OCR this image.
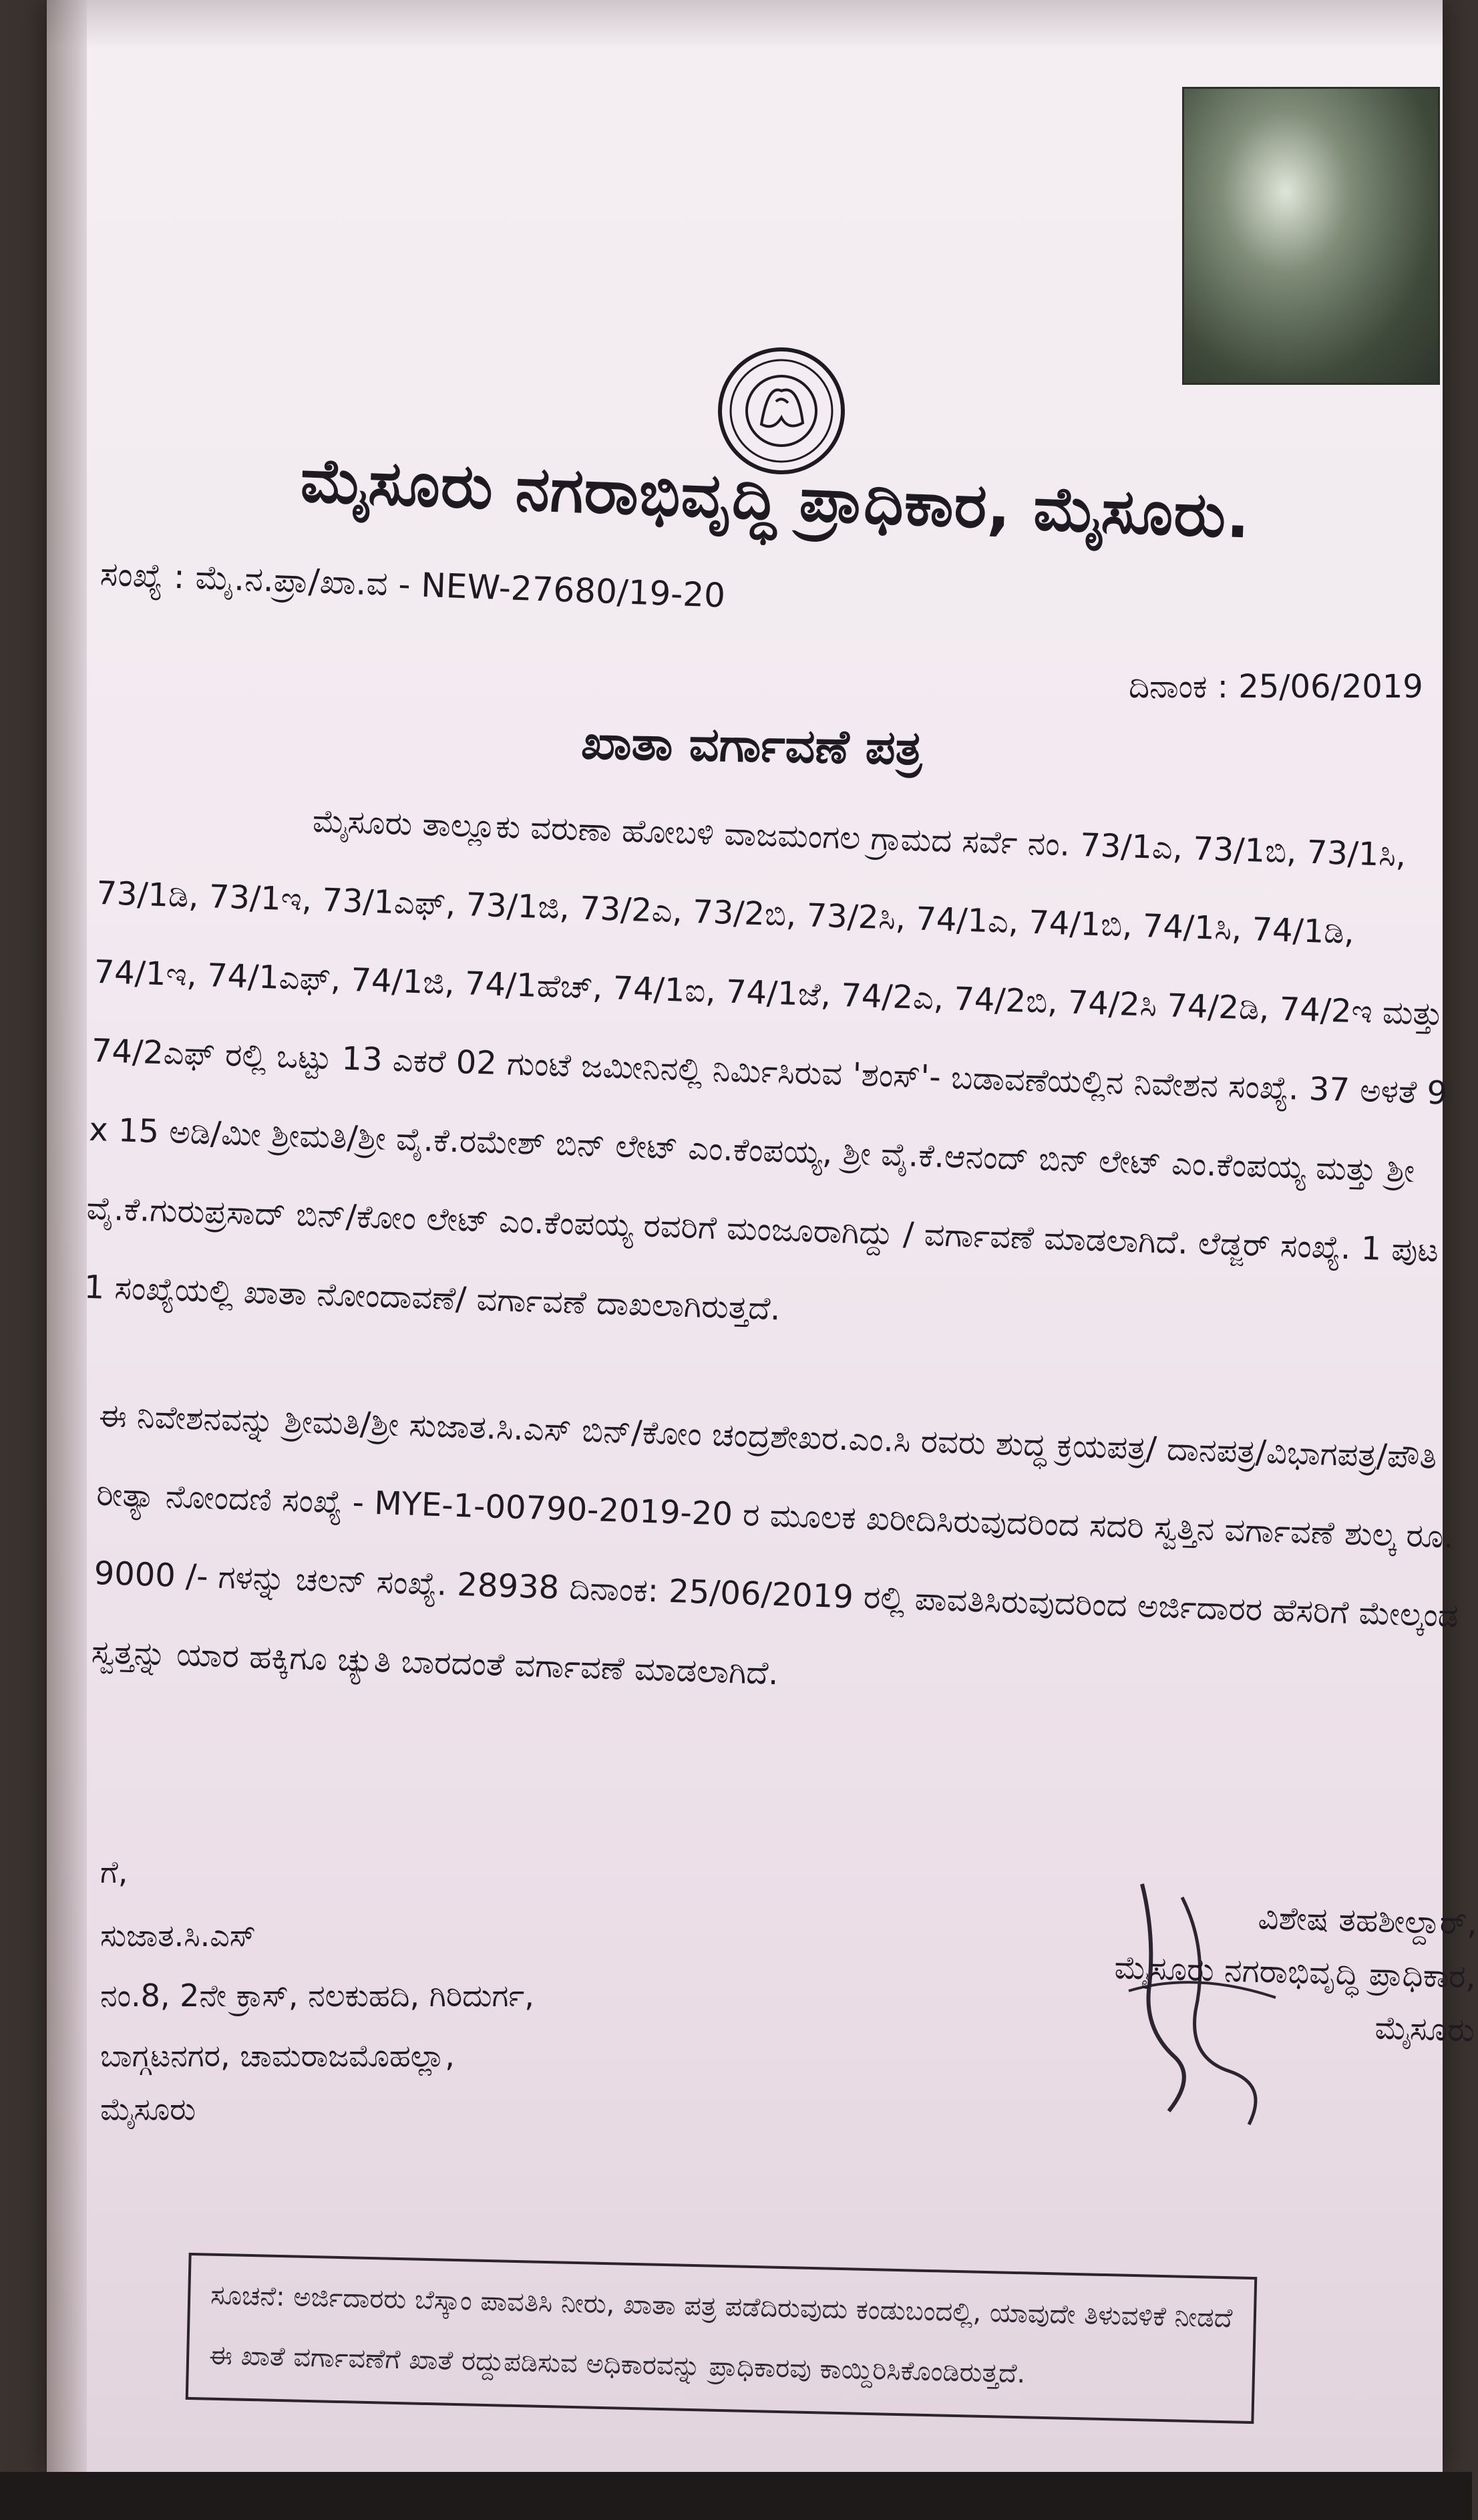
ಮೈಸೂರು ನಗರಾಭಿವೃದ್ಧಿ ಪ್ರಾಧಿಕಾರ, ಮೈಸೂರು.
ಸಂಖ್ಯೆ : ಮೈ.ನ.ಪ್ರಾ/ಖಾ.ವ - NEW-27680/19-20
ದಿನಾಂಕ : 25/06/2019
ಖಾತಾ ವರ್ಗಾವಣೆ ಪತ್ರ
ಮೈಸೂರು ತಾಲ್ಲೂಕು ವರುಣಾ ಹೋಬಳಿ ವಾಜಮಂಗಲ ಗ್ರಾಮದ ಸರ್ವೆ ನಂ. 73/1ಎ, 73/1ಬಿ, 73/1ಸಿ, 73/1ಡಿ, 73/1ಇ, 73/1ಎಫ್, 73/1ಜಿ, 73/2ಎ, 73/2ಬಿ, 73/2ಸಿ, 74/1ಎ, 74/1ಬಿ, 74/1ಸಿ, 74/1ಡಿ, 74/1ಇ, 74/1ಎಫ್, 74/1ಜಿ, 74/1ಹೆಚ್, 74/1ಐ, 74/1ಜೆ, 74/2ಎ, 74/2ಬಿ, 74/2ಸಿ 74/2ಡಿ, 74/2ಇ ಮತ್ತು 74/2ಎಫ್ ರಲ್ಲಿ ಒಟ್ಟು 13 ಎಕರೆ 02 ಗುಂಟೆ ಜಮೀನಿನಲ್ಲಿ ನಿರ್ಮಿಸಿರುವ 'ಶಂಸ್'- ಬಡಾವಣೆಯಲ್ಲಿನ ನಿವೇಶನ ಸಂಖ್ಯೆ. 37 ಅಳತೆ 9 x 15 ಅಡಿ/ಮೀ ಶ್ರೀಮತಿ/ಶ್ರೀ ವೈ.ಕೆ.ರಮೇಶ್ ಬಿನ್ ಲೇಟ್ ಎಂ.ಕೆಂಪಯ್ಯ, ಶ್ರೀ ವೈ.ಕೆ.ಆನಂದ್ ಬಿನ್ ಲೇಟ್ ಎಂ.ಕೆಂಪಯ್ಯ ಮತ್ತು ಶ್ರೀ ವೈ.ಕೆ.ಗುರುಪ್ರಸಾದ್ ಬಿನ್/ಕೋಂ ಲೇಟ್ ಎಂ.ಕೆಂಪಯ್ಯ ರವರಿಗೆ ಮಂಜೂರಾಗಿದ್ದು / ವರ್ಗಾವಣೆ ಮಾಡಲಾಗಿದೆ. ಲೆಡ್ಜರ್ ಸಂಖ್ಯೆ. 1 ಪುಟ 1 ಸಂಖ್ಯೆಯಲ್ಲಿ ಖಾತಾ ನೋಂದಾವಣೆ/ ವರ್ಗಾವಣೆ ದಾಖಲಾಗಿರುತ್ತದೆ.
ಈ ನಿವೇಶನವನ್ನು ಶ್ರೀಮತಿ/ಶ್ರೀ ಸುಜಾತ.ಸಿ.ಎಸ್ ಬಿನ್/ಕೋಂ ಚಂದ್ರಶೇಖರ.ಎಂ.ಸಿ ರವರು ಶುದ್ಧ ಕ್ರಯಪತ್ರ/ ದಾನಪತ್ರ/ವಿಭಾಗಪತ್ರ/ಪೌತಿ ರೀತ್ಯಾ ನೋಂದಣಿ ಸಂಖ್ಯೆ - MYE-1-00790-2019-20 ರ ಮೂಲಕ ಖರೀದಿಸಿರುವುದರಿಂದ ಸದರಿ ಸ್ವತ್ತಿನ ವರ್ಗಾವಣೆ ಶುಲ್ಕ ರೂ. 9000 /- ಗಳನ್ನು ಚಲನ್ ಸಂಖ್ಯೆ. 28938 ದಿನಾಂಕ: 25/06/2019 ರಲ್ಲಿ ಪಾವತಿಸಿರುವುದರಿಂದ ಅರ್ಜಿದಾರರ ಹೆಸರಿಗೆ ಮೇಲ್ಕಂಡ ಸ್ವತ್ತನ್ನು ಯಾರ ಹಕ್ಕಿಗೂ ಚ್ಯುತಿ ಬಾರದಂತೆ ವರ್ಗಾವಣೆ ಮಾಡಲಾಗಿದೆ.
ಗೆ,
ಸುಜಾತ.ಸಿ.ಎಸ್
ನಂ.8, 2ನೇ ಕ್ರಾಸ್, ನಲಕುಹದಿ, ಗಿರಿದುರ್ಗ,
ಬಾಗ್ಗಟನಗರ, ಚಾಮರಾಜಮೊಹಲ್ಲಾ,
ಮೈಸೂರು
ವಿಶೇಷ ತಹಶೀಲ್ದಾರ್,
ಮೈಸೂರು ನಗರಾಭಿವೃದ್ಧಿ ಪ್ರಾಧಿಕಾರ,
ಮೈಸೂರು
ಸೂಚನೆ: ಅರ್ಜಿದಾರರು ಬೆಸ್ಕಾಂ ಪಾವತಿಸಿ ನೀರು, ಖಾತಾ ಪತ್ರ ಪಡೆದಿರುವುದು ಕಂಡುಬಂದಲ್ಲಿ, ಯಾವುದೇ ತಿಳುವಳಿಕೆ ನೀಡದೆ ಈ ಖಾತೆ ವರ್ಗಾವಣೆಗೆ ಖಾತೆ ರದ್ದುಪಡಿಸುವ ಅಧಿಕಾರವನ್ನು ಪ್ರಾಧಿಕಾರವು ಕಾಯ್ದಿರಿಸಿಕೊಂಡಿರುತ್ತದೆ.
